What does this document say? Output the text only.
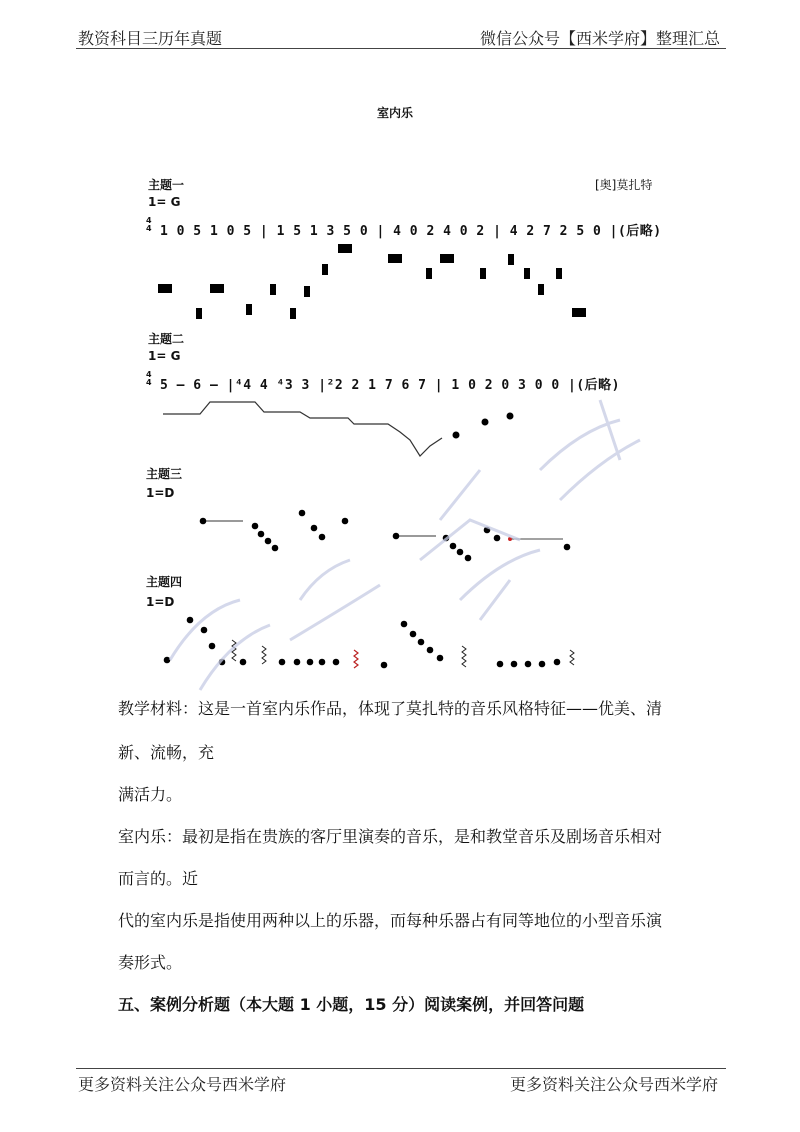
教资科目三历年真题	微信公众号【西米学府】整理汇总
室内乐
主题一	[奥]莫扎特
1= G
4
4 1 0 5 1 0 5 | 1 5 1 3 5 0 | 4 0 2 4 0 2 | 4 2 7 2 5 0 |(后略)
主题二
1= G
4
4 5 – 6 – |⁴4 4 ⁴3 3 |²2 2 1 7 6 7 | 1 0 2 0 3 0 0 |(后略)
主题三
1=D
主题四
1=D
教学材料：这是一首室内乐作品，体现了莫扎特的音乐风格特征——优美、清
新、流畅，充
满活力。
室内乐：最初是指在贵族的客厅里演奏的音乐，是和教堂音乐及剧场音乐相对
而言的。近
代的室内乐是指使用两种以上的乐器，而每种乐器占有同等地位的小型音乐演
奏形式。
五、案例分析题（本大题 1 小题，15 分）阅读案例，并回答问题
更多资料关注公众号西米学府	更多资料关注公众号西米学府
